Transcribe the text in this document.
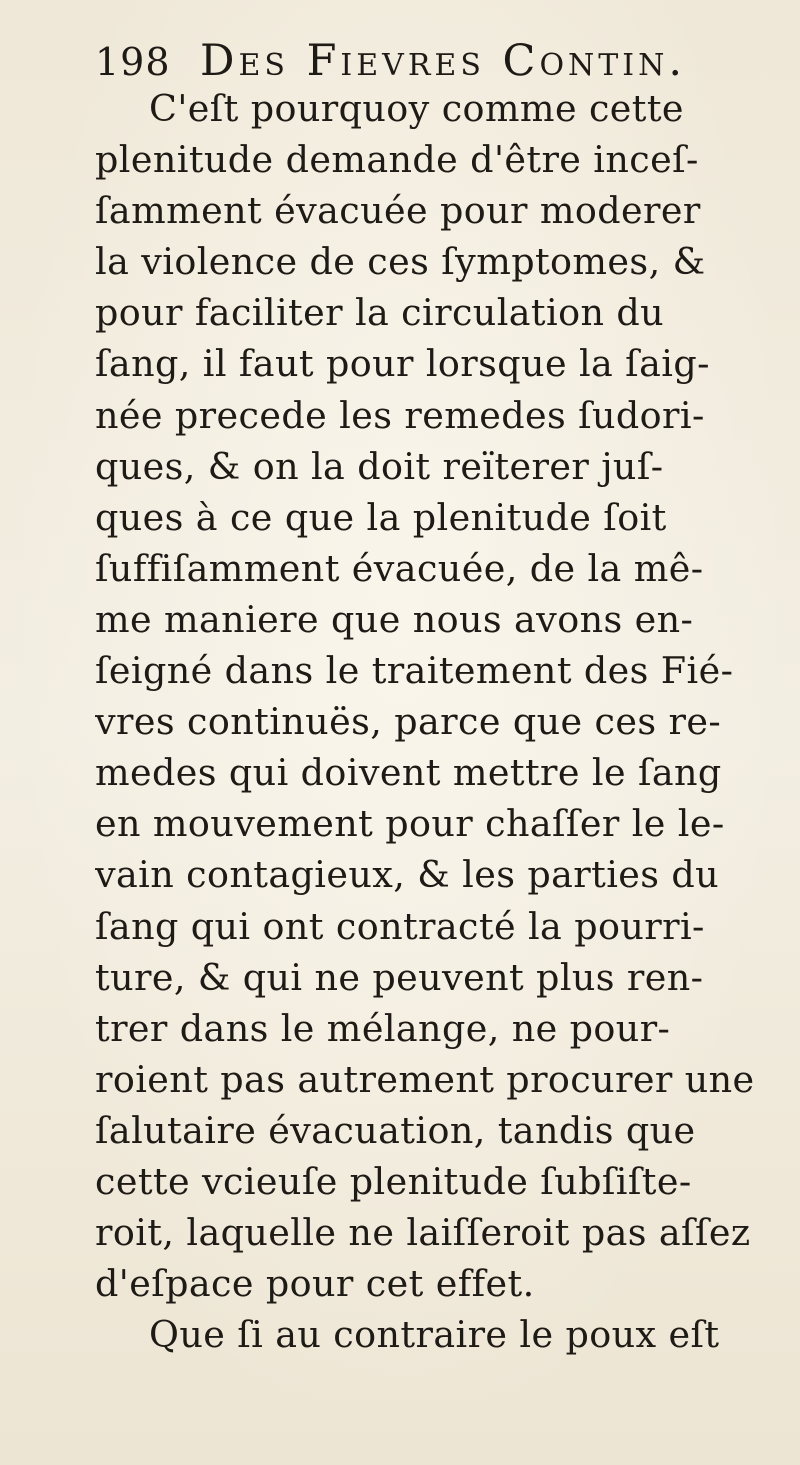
198 Des Fievres Contin.
C'eſt pourquoy comme cette
plenitude demande d'être inceſ-
ſamment évacuée pour moderer
la violence de ces ſymptomes, &
pour faciliter la circulation du
ſang, il faut pour lorsque la ſaig-
née precede les remedes ſudori-
ques, & on la doit reïterer juſ-
ques à ce que la plenitude ſoit
ſuffiſamment évacuée, de la mê-
me maniere que nous avons en-
ſeigné dans le traitement des Fié-
vres continuës, parce que ces re-
medes qui doivent mettre le ſang
en mouvement pour chaſſer le le-
vain contagieux, & les parties du
ſang qui ont contracté la pourri-
ture, & qui ne peuvent plus ren-
trer dans le mélange, ne pour-
roient pas autrement procurer une
ſalutaire évacuation, tandis que
cette vcieuſe plenitude ſubſiſte-
roit, laquelle ne laiſſeroit pas aſſez
d'eſpace pour cet effet.
Que ſi au contraire le poux eſt
